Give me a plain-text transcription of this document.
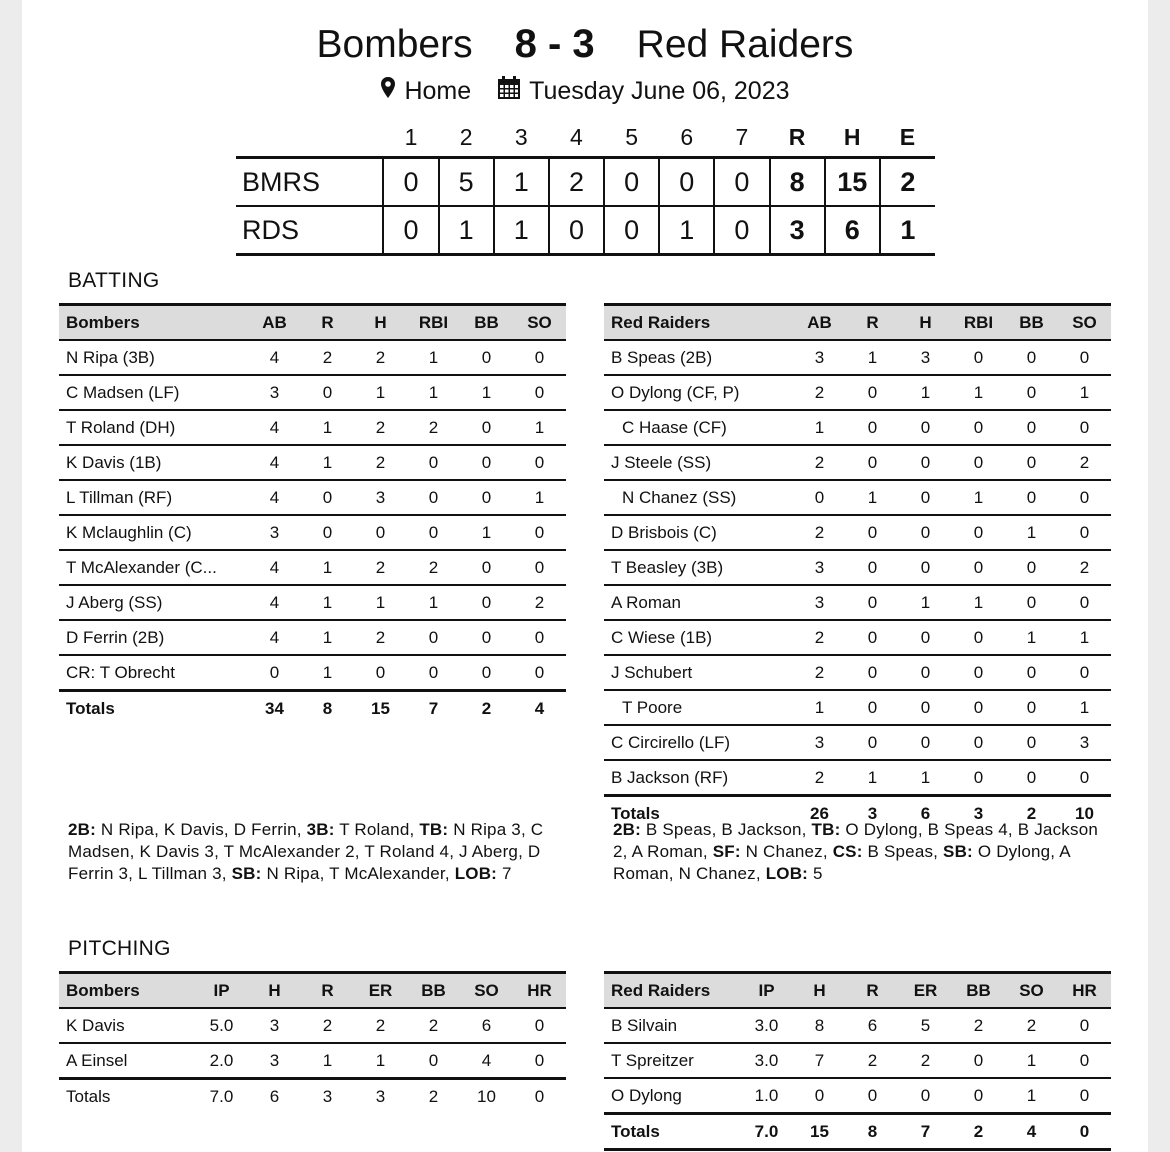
Bombers 8 - 3 Red Raiders
Home Tuesday June 06, 2023
	1	2	3	4	5	6	7	R	H	E
BMRS	0	5	1	2	0	0	0	8	15	2
RDS	0	1	1	0	0	1	0	3	6	1
BATTING
Bombers	AB	R	H	RBI	BB	SO
N Ripa (3B)	4	2	2	1	0	0
C Madsen (LF)	3	0	1	1	1	0
T Roland (DH)	4	1	2	2	0	1
K Davis (1B)	4	1	2	0	0	0
L Tillman (RF)	4	0	3	0	0	1
K Mclaughlin (C)	3	0	0	0	1	0
T McAlexander (C...	4	1	2	2	0	0
J Aberg (SS)	4	1	1	1	0	2
D Ferrin (2B)	4	1	2	0	0	0
CR: T Obrecht	0	1	0	0	0	0
Totals	34	8	15	7	2	4
Red Raiders	AB	R	H	RBI	BB	SO
B Speas (2B)	3	1	3	0	0	0
O Dylong (CF, P)	2	0	1	1	0	1
C Haase (CF)	1	0	0	0	0	0
J Steele (SS)	2	0	0	0	0	2
N Chanez (SS)	0	1	0	1	0	0
D Brisbois (C)	2	0	0	0	1	0
T Beasley (3B)	3	0	0	0	0	2
A Roman	3	0	1	1	0	0
C Wiese (1B)	2	0	0	0	1	1
J Schubert	2	0	0	0	0	0
T Poore	1	0	0	0	0	1
C Circirello (LF)	3	0	0	0	0	3
B Jackson (RF)	2	1	1	0	0	0
Totals	26	3	6	3	2	10
2B: N Ripa, K Davis, D Ferrin, 3B: T Roland, TB: N Ripa 3, C Madsen, K Davis 3, T McAlexander 2, T Roland 4, J Aberg, D Ferrin 3, L Tillman 3, SB: N Ripa, T McAlexander, LOB: 7
2B: B Speas, B Jackson, TB: O Dylong, B Speas 4, B Jackson 2, A Roman, SF: N Chanez, CS: B Speas, SB: O Dylong, A Roman, N Chanez, LOB: 5
PITCHING
Bombers	IP	H	R	ER	BB	SO	HR
K Davis	5.0	3	2	2	2	6	0
A Einsel	2.0	3	1	1	0	4	0
Totals	7.0	6	3	3	2	10	0
Red Raiders	IP	H	R	ER	BB	SO	HR
B Silvain	3.0	8	6	5	2	2	0
T Spreitzer	3.0	7	2	2	0	1	0
O Dylong	1.0	0	0	0	0	1	0
Totals	7.0	15	8	7	2	4	0
